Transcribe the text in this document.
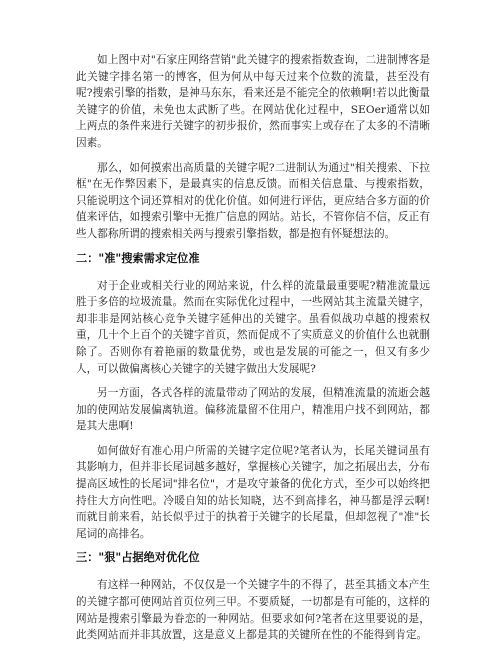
如上图中对"石家庄网络营销"此关键字的搜索指数查询，二进制博客是此关键字排名第一的博客，但为何从中每天过来个位数的流量，甚至没有呢?搜索引擎的指数，是神马东东，看来还是不能完全的依赖啊!若以此衡量关键字的价值，未免也太武断了些。在网站优化过程中，SEOer通常以如上两点的条件来进行关键字的初步报价，然而事实上或存在了太多的不清晰因素。

那么，如何摸索出高质量的关键字呢?二进制认为通过"相关搜索、下拉框"在无作弊因素下，是最真实的信息反馈。而相关信息量、与搜索指数，只能说明这个词还算相对的优化价值。如何进行评估，更应结合多方面的价值来评估，如搜索引擎中无推广信息的网站。站长，不管你信不信，反正有些人都称所谓的搜索相关两与搜索引擎指数，都是抱有怀疑想法的。

二："准"搜索需求定位准

对于企业或相关行业的网站来说，什么样的流量最重要呢?精准流量远胜于多倍的垃圾流量。然而在实际优化过程中，一些网站其主流量关键字，却非非是网站核心竞争关键字延伸出的关键字。虽看似战功卓越的搜索权重，几十个上百个的关键字首页，然而促成不了实质意义的价值什么也就删除了。否则你有着艳丽的数量优势，或也是发展的可能之一，但又有多少人，可以做偏离核心关键字的关键字做出大发展呢?

另一方面，各式各样的流量带动了网站的发展，但精准流量的流逝会越加的使网站发展偏离轨道。偏移流量留不住用户，精准用户找不到网站，都是其大患啊!

如何做好有准心用户所需的关键字定位呢?笔者认为，长尾关键词虽有其影响力，但并非长尾词越多越好，掌握核心关键字，加之拓展出去，分布提高区域性的长尾词"排名位"，才是攻守兼备的优化方式，至少可以始终把持住大方向性吧。冷暖自知的站长知晓，达不到高排名，神马都是浮云啊!而就目前来看，站长似乎过于的执着于关键字的长尾量，但却忽视了"准"长尾词的高排名。

三："狠"占据绝对优化位

有这样一种网站，不仅仅是一个关键字牛的不得了，甚至其插文本产生的关键字都可使网站首页位列三甲。不要质疑，一切都是有可能的，这样的网站是搜索引擎最为眷恋的一种网站。但要求如何?笔者在这里要说的是，此类网站而并非其放置，这是意义上都是其的关键所在性的不能得到肯定。
